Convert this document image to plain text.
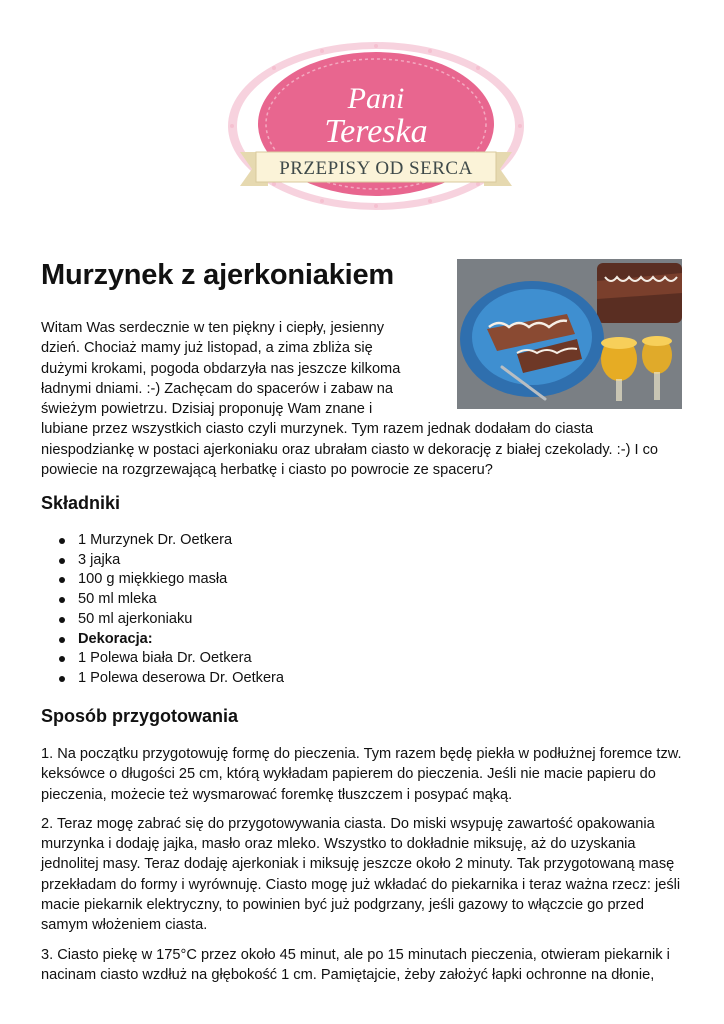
Pani
Tereska
PRZEPISY OD SERCA
Murzynek z ajerkoniakiem

Witam Was serdecznie w ten piękny i ciepły, jesienny dzień. Chociaż mamy już listopad, a zima zbliża się dużymi krokami, pogoda obdarzyła nas jeszcze kilkoma ładnymi dniami. :-) Zachęcam do spacerów i zabaw na świeżym powietrzu. Dzisiaj proponuję Wam znane i lubiane przez wszystkich ciasto czyli murzynek. Tym razem jednak dodałam do ciasta niespodziankę w postaci ajerkoniaku oraz ubrałam ciasto w dekorację z białej czekolady. :-) I co powiecie na rozgrzewającą herbatkę i ciasto po powrocie ze spaceru?

Składniki
1 Murzynek Dr. Oetkera
3 jajka
100 g miękkiego masła
50 ml mleka
50 ml ajerkoniaku
Dekoracja:
1 Polewa biała Dr. Oetkera
1 Polewa deserowa Dr. Oetkera
Sposób przygotowania

1. Na początku przygotowuję formę do pieczenia. Tym razem będę piekła w podłużnej foremce tzw. keksówce o długości 25 cm, którą wykładam papierem do pieczenia. Jeśli nie macie papieru do pieczenia, możecie też wysmarować foremkę tłuszczem i posypać mąką.

2. Teraz mogę zabrać się do przygotowywania ciasta. Do miski wsypuję zawartość opakowania murzynka i dodaję jajka, masło oraz mleko. Wszystko to dokładnie miksuję, aż do uzyskania jednolitej masy. Teraz dodaję ajerkoniak i miksuję jeszcze około 2 minuty. Tak przygotowaną masę przekładam do formy i wyrównuję. Ciasto mogę już wkładać do piekarnika i teraz ważna rzecz: jeśli macie piekarnik elektryczny, to powinien być już podgrzany, jeśli gazowy to włączcie go przed samym włożeniem ciasta.

3. Ciasto piekę w 175°C przez około 45 minut, ale po 15 minutach pieczenia, otwieram piekarnik i nacinam ciasto wzdłuż na głębokość 1 cm. Pamiętajcie, żeby założyć łapki ochronne na dłonie,
